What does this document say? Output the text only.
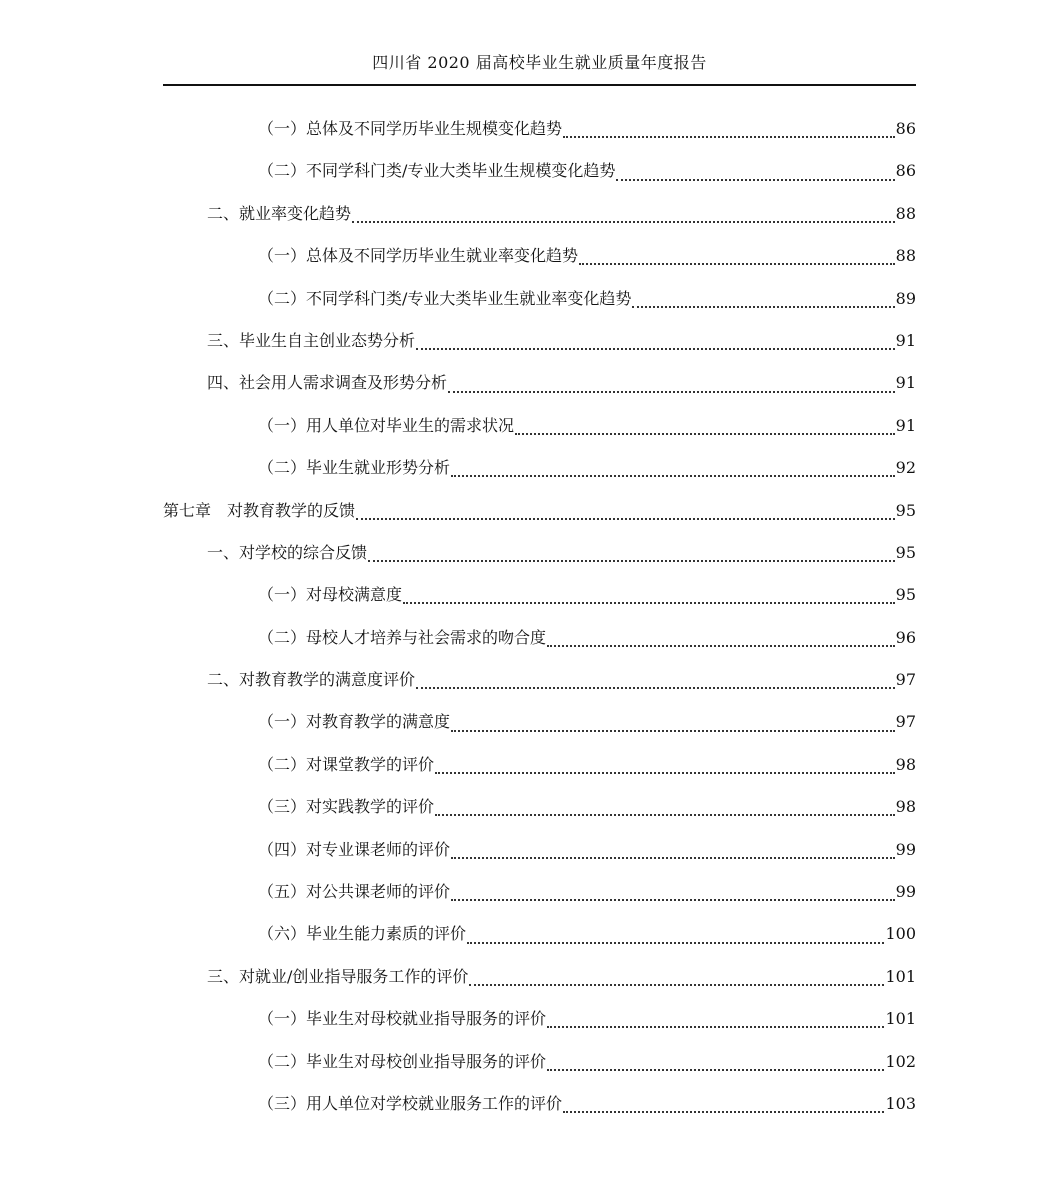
四川省 2020 届高校毕业生就业质量年度报告
（一）总体及不同学历毕业生规模变化趋势	86
（二）不同学科门类/专业大类毕业生规模变化趋势	86
二、就业率变化趋势	88
（一）总体及不同学历毕业生就业率变化趋势	88
（二）不同学科门类/专业大类毕业生就业率变化趋势	89
三、毕业生自主创业态势分析	91
四、社会用人需求调查及形势分析	91
（一）用人单位对毕业生的需求状况	91
（二）毕业生就业形势分析	92
第七章　对教育教学的反馈	95
一、对学校的综合反馈	95
（一）对母校满意度	95
（二）母校人才培养与社会需求的吻合度	96
二、对教育教学的满意度评价	97
（一）对教育教学的满意度	97
（二）对课堂教学的评价	98
（三）对实践教学的评价	98
（四）对专业课老师的评价	99
（五）对公共课老师的评价	99
（六）毕业生能力素质的评价	100
三、对就业/创业指导服务工作的评价	101
（一）毕业生对母校就业指导服务的评价	101
（二）毕业生对母校创业指导服务的评价	102
（三）用人单位对学校就业服务工作的评价	103
